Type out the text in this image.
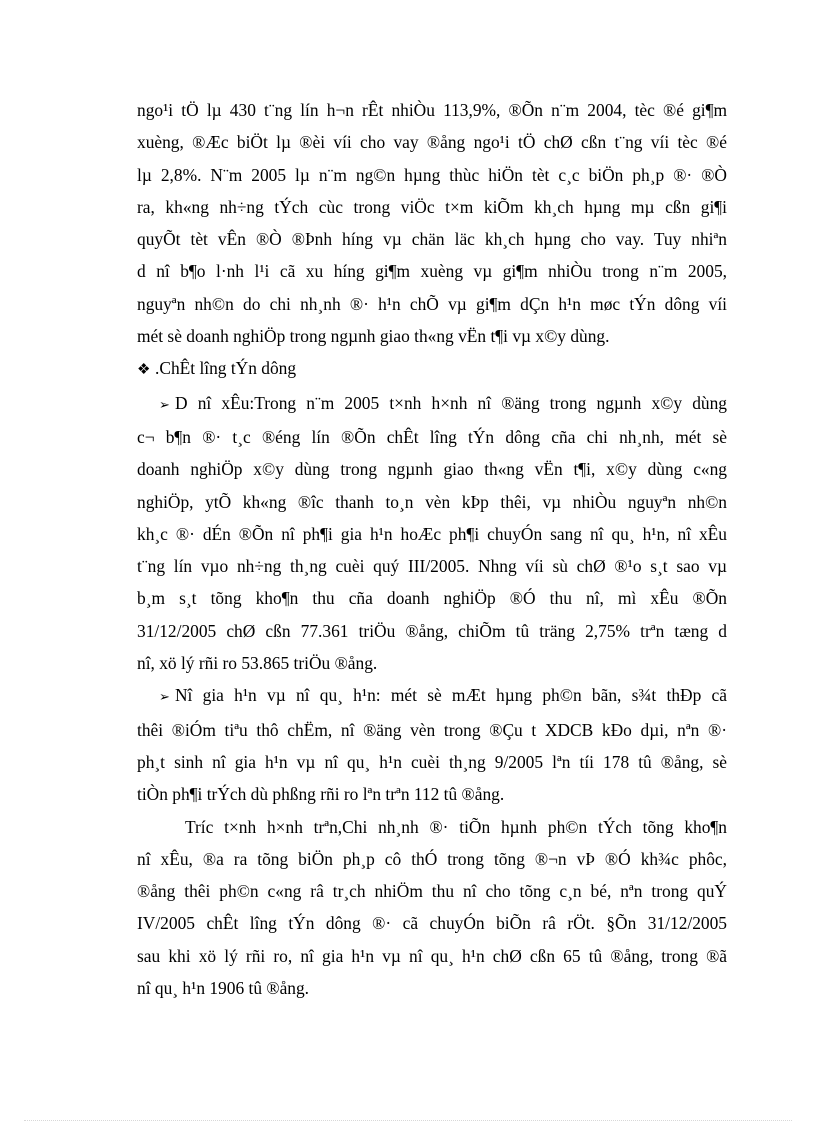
ngo¹i tÖ lµ 430 t¨ng lín h¬n rÊt nhiÒu 113,9%, ®Õn n¨m 2004, tèc ®é gi¶m
xuèng, ®Æc biÖt lµ ®èi víi cho vay ®ång ngo¹i tÖ chØ cßn t¨ng víi tèc ®é
lµ 2,8%. N¨m 2005 lµ n¨m ng©n hµng thùc hiÖn tèt c¸c biÖn ph¸p ®· ®Ò
ra, kh«ng nh÷ng tÝch cùc trong viÖc t×m kiÕm kh¸ch hµng mµ cßn gi¶i
quyÕt tèt vÊn ®Ò ®Þnh híng vµ chän läc kh¸ch hµng cho vay. Tuy nhiªn
d nî b¶o l·nh l¹i cã xu híng gi¶m xuèng vµ gi¶m nhiÒu trong n¨m 2005,
nguyªn nh©n do chi nh¸nh ®· h¹n chÕ vµ gi¶m dÇn h¹n møc tÝn dông víi
mét sè doanh nghiÖp trong ngµnh giao th«ng vËn t¶i vµ x©y dùng.

❖ .ChÊt lîng tÝn dông

➢ D nî xÊu:Trong n¨m 2005 t×nh h×nh nî ®äng trong ngµnh x©y dùng
c¬ b¶n ®· t¸c ®éng lín ®Õn chÊt lîng tÝn dông cña chi nh¸nh, mét sè
doanh nghiÖp x©y dùng trong ngµnh giao th«ng vËn t¶i, x©y dùng c«ng
nghiÖp, ytÕ kh«ng ®îc thanh to¸n vèn kÞp thêi, vµ nhiÒu nguyªn nh©n
kh¸c ®· dÉn ®Õn nî ph¶i gia h¹n hoÆc ph¶i chuyÓn sang nî qu¸ h¹n, nî xÊu
t¨ng lín vµo nh÷ng th¸ng cuèi quý III/2005. Nhng víi sù chØ ®¹o s¸t sao vµ
b¸m s¸t tõng kho¶n thu cña doanh nghiÖp ®Ó thu nî, mì xÊu ®Õn
31/12/2005 chØ cßn 77.361 triÖu ®ång, chiÕm tû träng 2,75% trªn tæng d
nî, xö lý rñi ro 53.865 triÖu ®ång.

➢ Nî gia h¹n vµ nî qu¸ h¹n: mét sè mÆt hµng ph©n bãn, s¾t thÐp cã
thêi ®iÓm tiªu thô chËm, nî ®äng vèn trong ®Çu t XDCB kÐo dµi, nªn ®·
ph¸t sinh nî gia h¹n vµ nî qu¸ h¹n cuèi th¸ng 9/2005 lªn tíi 178 tû ®ång, sè
tiÒn ph¶i trÝch dù phßng rñi ro lªn trªn 112 tû ®ång.

Tríc t×nh h×nh trªn,Chi nh¸nh ®· tiÕn hµnh ph©n tÝch tõng kho¶n
nî xÊu, ®a ra tõng biÖn ph¸p cô thÓ trong tõng ®¬n vÞ ®Ó kh¾c phôc,
®ång thêi ph©n c«ng râ tr¸ch nhiÖm thu nî cho tõng c¸n bé, nªn trong quÝ
IV/2005 chÊt lîng tÝn dông ®· cã chuyÓn biÕn râ rÖt. §Õn 31/12/2005
sau khi xö lý rñi ro, nî gia h¹n vµ nî qu¸ h¹n chØ cßn 65 tû ®ång, trong ®ã
nî qu¸ h¹n 1906 tû ®ång.
